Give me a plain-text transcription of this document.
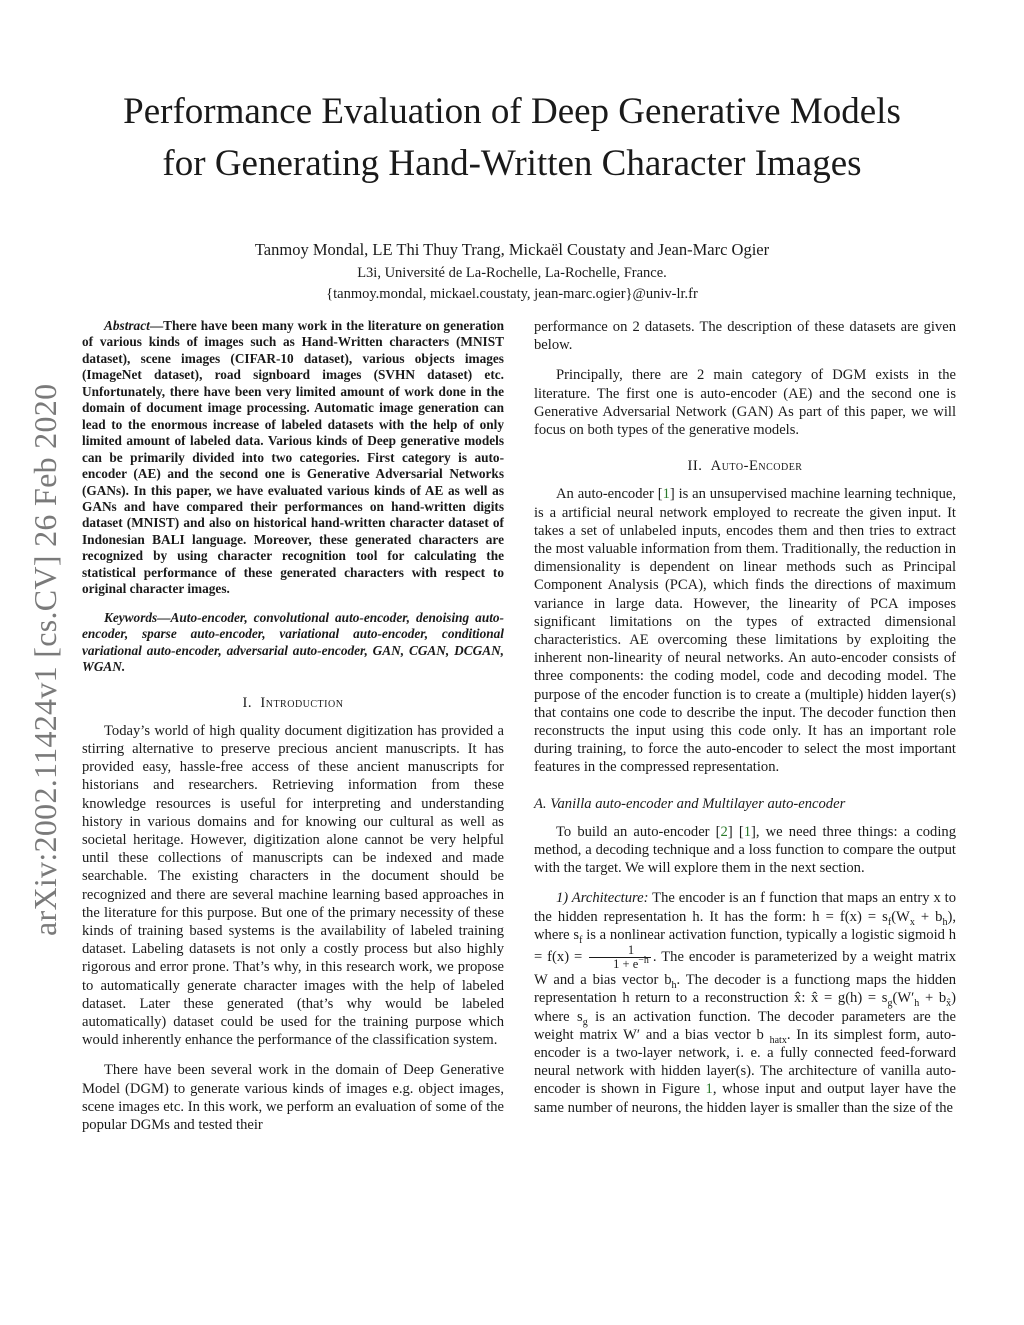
Performance Evaluation of Deep Generative Models
for Generating Hand-Written Character Images
Tanmoy Mondal, LE Thi Thuy Trang, Mickaël Coustaty and Jean-Marc Ogier
L3i, Université de La-Rochelle, La-Rochelle, France.
{tanmoy.mondal, mickael.coustaty, jean-marc.ogier}@univ-lr.fr
arXiv:2002.11424v1 [cs.CV] 26 Feb 2020

Abstract—There have been many work in the literature on generation of various kinds of images such as Hand-Written characters (MNIST dataset), scene images (CIFAR-10 dataset), various objects images (ImageNet dataset), road signboard images (SVHN dataset) etc. Unfortunately, there have been very limited amount of work done in the domain of document image processing. Automatic image generation can lead to the enormous increase of labeled datasets with the help of only limited amount of labeled data. Various kinds of Deep generative models can be primarily divided into two categories. First category is auto-encoder (AE) and the second one is Generative Adversarial Networks (GANs). In this paper, we have evaluated various kinds of AE as well as GANs and have compared their performances on hand-written digits dataset (MNIST) and also on historical hand-written character dataset of Indonesian BALI language. Moreover, these generated characters are recognized by using character recognition tool for calculating the statistical performance of these generated characters with respect to original character images.

Keywords—Auto-encoder, convolutional auto-encoder, denoising auto-encoder, sparse auto-encoder, variational auto-encoder, conditional variational auto-encoder, adversarial auto-encoder, GAN, CGAN, DCGAN, WGAN.

I. Introduction

Today’s world of high quality document digitization has provided a stirring alternative to preserve precious ancient manuscripts. It has provided easy, hassle-free access of these ancient manuscripts for historians and researchers. Retrieving information from these knowledge resources is useful for interpreting and understanding history in various domains and for knowing our cultural as well as societal heritage. However, digitization alone cannot be very helpful until these collections of manuscripts can be indexed and made searchable. The existing characters in the document should be recognized and there are several machine learning based approaches in the literature for this purpose. But one of the primary necessity of these kinds of training based systems is the availability of labeled training dataset. Labeling datasets is not only a costly process but also highly rigorous and error prone. That’s why, in this research work, we propose to automatically generate character images with the help of labeled dataset. Later these generated (that’s why would be labeled automatically) dataset could be used for the training purpose which would inherently enhance the performance of the classification system.

There have been several work in the domain of Deep Generative Model (DGM) to generate various kinds of images e.g. object images, scene images etc. In this work, we perform an evaluation of some of the popular DGMs and tested their

performance on 2 datasets. The description of these datasets are given below.

Principally, there are 2 main category of DGM exists in the literature. The first one is auto-encoder (AE) and the second one is Generative Adversarial Network (GAN) As part of this paper, we will focus on both types of the generative models.

II. Auto-Encoder

An auto-encoder [1] is an unsupervised machine learning technique, is a artificial neural network employed to recreate the given input. It takes a set of unlabeled inputs, encodes them and then tries to extract the most valuable information from them. Traditionally, the reduction in dimensionality is dependent on linear methods such as Principal Component Analysis (PCA), which finds the directions of maximum variance in large data. However, the linearity of PCA imposes significant limitations on the types of extracted dimensional characteristics. AE overcoming these limitations by exploiting the inherent non-linearity of neural networks. An auto-encoder consists of three components: the coding model, code and decoding model. The purpose of the encoder function is to create a (multiple) hidden layer(s) that contains one code to describe the input. The decoder function then reconstructs the input using this code only. It has an important role during training, to force the auto-encoder to select the most important features in the compressed representation.

A. Vanilla auto-encoder and Multilayer auto-encoder

To build an auto-encoder [2] [1], we need three things: a coding method, a decoding technique and a loss function to compare the output with the target. We will explore them in the next section.

1) Architecture: The encoder is an f function that maps an entry x to the hidden representation h. It has the form: $h = f(x) = s_f(W_x + b_h)$, where $s_f$ is a nonlinear activation function, typically a logistic sigmoid $h = f(x) = \frac{1}{1 + e^{-h}}$ . The encoder is parameterized by a weight matrix W and a bias vector $b_h$. The decoder is a functiong maps the hidden representation h return to a reconstruction x̂: x̂ = $g(h) = s_g(W'_h + b_{x̂})$ where $s_g$ is an activation function. The decoder parameters are the weight matrix W′ and a bias vector b $_{hatx}$. In its simplest form, auto-encoder is a two-layer network, i. e. a fully connected feed-forward neural network with hidden layer(s). The architecture of vanilla auto-encoder is shown in Figure 1, whose input and output layer have the same number of neurons, the hidden layer is smaller than the size of the
